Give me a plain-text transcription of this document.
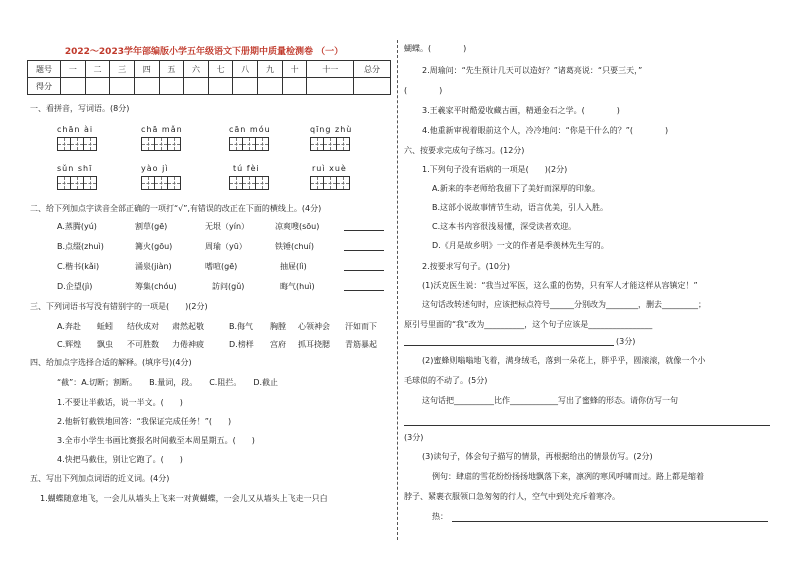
2022～2023学年部编版小学五年级语文下册期中质量检测卷 （一）
题号	一	二	三	四	五	六	七	八	九	十	十一	总分
得分												
一、看拼音，写词语。(8分)
chān ài	chā mǎn	cān móu	qīng zhù
sǔn shī	yào jì	tú fèi	ruì xuè
二、给下列加点字读音全部正确的一项打“√”,有错误的改正在下面的横线上。(4分)
A.蒸腾(yú)	割草(gē)	无垠（yín）	凉爽嗖(sōu)
B.点缀(zhuì)	篝火(gōu)	周瑜（yū）	铁锤(chuí)
C.楷书(kǎi)	涌泉(jiàn)	嗜喧(gē)	抽屉(lì)
D.企望(jì)	筹集(chóu)	訪问(gǔ)	晦气(huì)
三、下列词语书写没有错别字的一项是(　　)(2分)
A.奔赴 蚯蚓 结伙成对 肃然起敬	B.侮气 胸膛 心领神会 汗如而下
C.辉煌 飘虫 不可胜数 力倦神疲	D.榜样 宫府 抓耳挠腮 青筋暴起
四、给加点字选择合适的解释。(填序号)(4分)
“截”：A.切断；割断。　　B.量词，段。　　C.阻拦。　　D.截止
1.不要让半截话，说一半文。(　　)
2.他斩钉截铁地回答：“我保证完成任务！”(　　)
3.全市小学生书画比赛报名时间截至本周星期五。(　　)
4.快把马截住，别让它跑了。(　　)
五、写出下列加点词语的近义词。(4分)
1.蝴蝶随意地飞，一会儿从墙头上飞来一对黄蝴蝶，一会儿又从墙头上飞走一只白
蝴蝶。(　　　　)
2.周瑜问：“先生预计几天可以造好？”诸葛亮说：“只要三天，”
(　　　　)
3.王羲家平时酷爱收藏古画，精通金石之学。(　　　　)
4.他重新审视着眼前这个人，冷冷地问：“你是干什么的？”(　　　　)
六、按要求完成句子练习。(12分)
1.下列句子没有语病的一项是(　　)(2分)
A.新来的李老师给我留下了美好而深厚的印象。
B.这部小说故事情节生动，语言优美，引人入胜。
C.这本书内容很浅易懂，深受读者欢迎。
D.《月是故乡明》一文的作者是季羡林先生写的。
2.按要求写句子。(10分)
(1)沃克医生说：“我当过军医，这么重的伤势，只有军人才能这样从容镇定！”
这句话改转述句时，应该把标点符号______分别改为________，删去_________；
原引号里面的“我”改为__________，这个句子应该是________________
(3分)
(2)蜜蜂则嗡嗡地飞着，满身绒毛，落到一朵花上，胖乎乎，圆滚滚，就像一个小
毛球似的不动了。(5分)
这句话把__________比作____________写出了蜜蜂的形态。请你仿写一句
(3分)
(3)读句子，体会句子描写的情景，再根据给出的情景仿写。(2分)
例句：肆虐的雪花纷纷扬扬地飘落下来，凛冽的寒风呼啸而过。路上都是缩着
脖子、紧裹衣服领口急匆匆的行人，空气中到处充斥着寒冷。
热：
